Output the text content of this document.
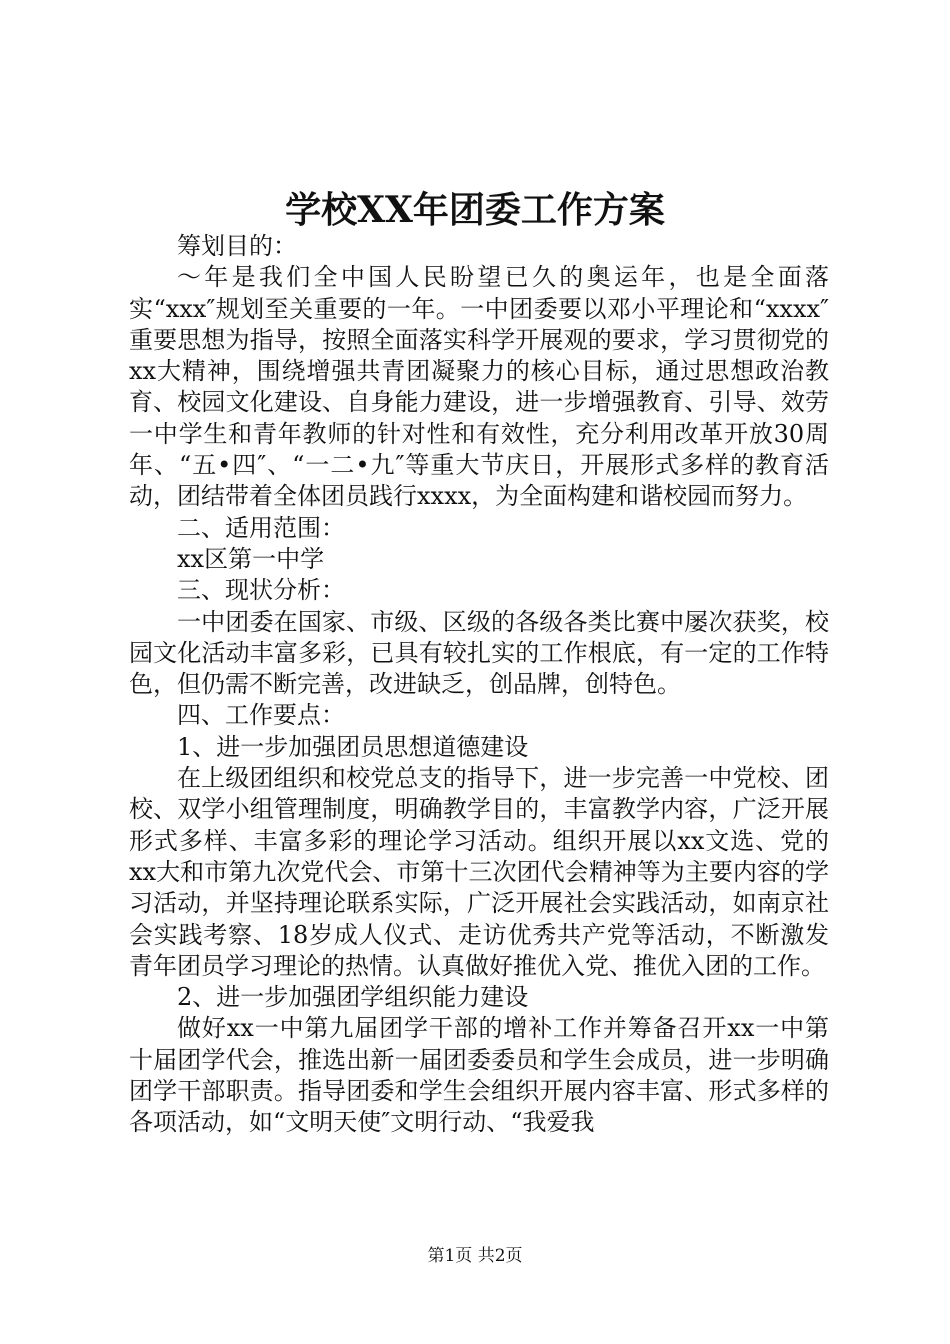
学校XX年团委工作方案

筹划目的：

～年是我们全中国人民盼望已久的奥运年，也是全面落实“xxx″规划至关重要的一年。一中团委要以邓小平理论和“xxxx″重要思想为指导，按照全面落实科学开展观的要求，学习贯彻党的xx大精神，围绕增强共青团凝聚力的核心目标，通过思想政治教育、校园文化建设、自身能力建设，进一步增强教育、引导、效劳一中学生和青年教师的针对性和有效性，充分利用改革开放30周年、“五•四″、“一二•九″等重大节庆日，开展形式多样的教育活动，团结带着全体团员践行xxxx，为全面构建和谐校园而努力。

二、适用范围：

xx区第一中学

三、现状分析：

一中团委在国家、市级、区级的各级各类比赛中屡次获奖，校园文化活动丰富多彩，已具有较扎实的工作根底，有一定的工作特色，但仍需不断完善，改进缺乏，创品牌，创特色。

四、工作要点：

1、进一步加强团员思想道德建设

在上级团组织和校党总支的指导下，进一步完善一中党校、团校、双学小组管理制度，明确教学目的，丰富教学内容，广泛开展形式多样、丰富多彩的理论学习活动。组织开展以xx文选、党的xx大和市第九次党代会、市第十三次团代会精神等为主要内容的学习活动，并坚持理论联系实际，广泛开展社会实践活动，如南京社会实践考察、18岁成人仪式、走访优秀共产党等活动，不断激发青年团员学习理论的热情。认真做好推优入党、推优入团的工作。

2、进一步加强团学组织能力建设

做好xx一中第九届团学干部的增补工作并筹备召开xx一中第十届团学代会，推选出新一届团委委员和学生会成员，进一步明确团学干部职责。指导团委和学生会组织开展内容丰富、形式多样的各项活动，如“文明天使″文明行动、“我爱我

第1页 共2页
